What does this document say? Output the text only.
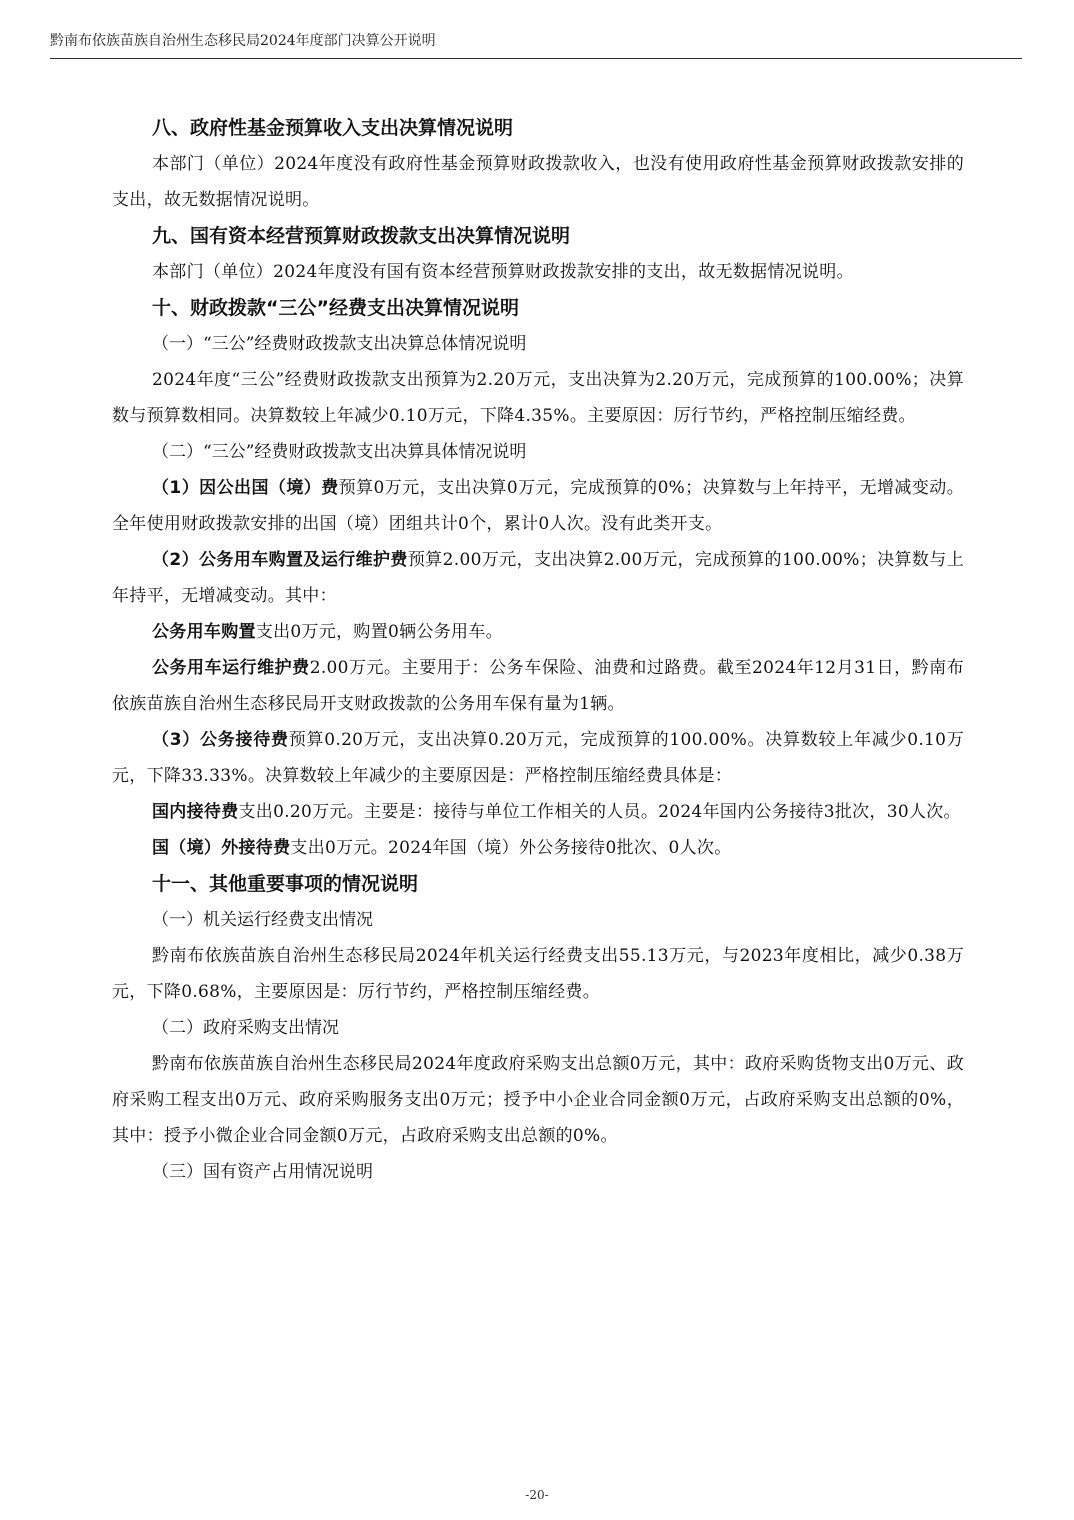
黔南布依族苗族自治州生态移民局2024年度部门决算公开说明

八、政府性基金预算收入支出决算情况说明

本部门（单位）2024年度没有政府性基金预算财政拨款收入，也没有使用政府性基金预算财政拨款安排的支出，故无数据情况说明。

九、国有资本经营预算财政拨款支出决算情况说明

本部门（单位）2024年度没有国有资本经营预算财政拨款安排的支出，故无数据情况说明。

十、财政拨款“三公”经费支出决算情况说明

（一）“三公”经费财政拨款支出决算总体情况说明

2024年度“三公”经费财政拨款支出预算为2.20万元，支出决算为2.20万元，完成预算的100.00%；决算数与预算数相同。决算数较上年减少0.10万元，下降4.35%。主要原因：厉行节约，严格控制压缩经费。

（二）“三公”经费财政拨款支出决算具体情况说明

（1）因公出国（境）费预算0万元，支出决算0万元，完成预算的0%；决算数与上年持平，无增减变动。全年使用财政拨款安排的出国（境）团组共计0个，累计0人次。没有此类开支。

（2）公务用车购置及运行维护费预算2.00万元，支出决算2.00万元，完成预算的100.00%；决算数与上年持平，无增减变动。其中：

公务用车购置支出0万元，购置0辆公务用车。

公务用车运行维护费2.00万元。主要用于：公务车保险、油费和过路费。截至2024年12月31日，黔南布依族苗族自治州生态移民局开支财政拨款的公务用车保有量为1辆。

（3）公务接待费预算0.20万元，支出决算0.20万元，完成预算的100.00%。决算数较上年减少0.10万元，下降33.33%。决算数较上年减少的主要原因是：严格控制压缩经费具体是：

国内接待费支出0.20万元。主要是：接待与单位工作相关的人员。2024年国内公务接待3批次，30人次。

国（境）外接待费支出0万元。2024年国（境）外公务接待0批次、0人次。

十一、其他重要事项的情况说明

（一）机关运行经费支出情况

黔南布依族苗族自治州生态移民局2024年机关运行经费支出55.13万元，与2023年度相比，减少0.38万元，下降0.68%，主要原因是：厉行节约，严格控制压缩经费。

（二）政府采购支出情况

黔南布依族苗族自治州生态移民局2024年度政府采购支出总额0万元，其中：政府采购货物支出0万元、政府采购工程支出0万元、政府采购服务支出0万元；授予中小企业合同金额0万元，占政府采购支出总额的0%，其中：授予小微企业合同金额0万元，占政府采购支出总额的0%。

（三）国有资产占用情况说明

-20-
